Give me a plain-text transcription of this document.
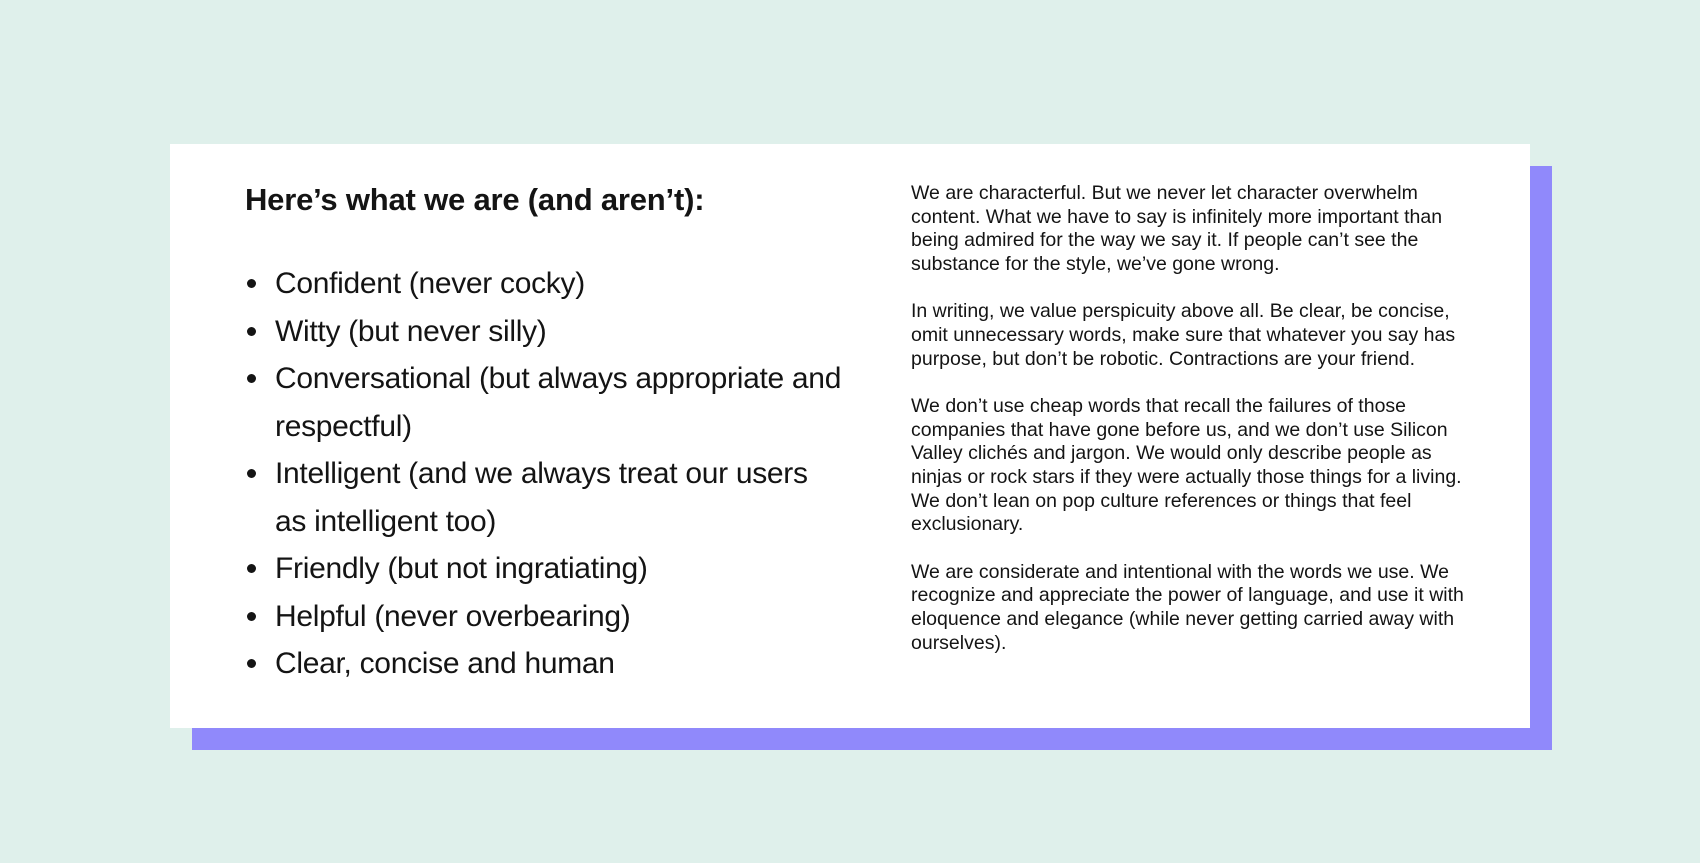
Here’s what we are (and aren’t):
Confident (never cocky)
Witty (but never silly)
Conversational (but always appropriate and respectful)
Intelligent (and we always treat our users as intelligent too)
Friendly (but not ingratiating)
Helpful (never overbearing)
Clear, concise and human

We are characterful. But we never let character overwhelm content. What we have to say is infinitely more important than being admired for the way we say it. If people can’t see the substance for the style, we’ve gone wrong.

In writing, we value perspicuity above all. Be clear, be concise, omit unnecessary words, make sure that whatever you say has purpose, but don’t be robotic. Contractions are your friend.

We don’t use cheap words that recall the failures of those companies that have gone before us, and we don’t use Silicon Valley clichés and jargon. We would only describe people as ninjas or rock stars if they were actually those things for a living. We don’t lean on pop culture references or things that feel exclusionary.

We are considerate and intentional with the words we use. We recognize and appreciate the power of language, and use it with eloquence and elegance (while never getting carried away with ourselves).
